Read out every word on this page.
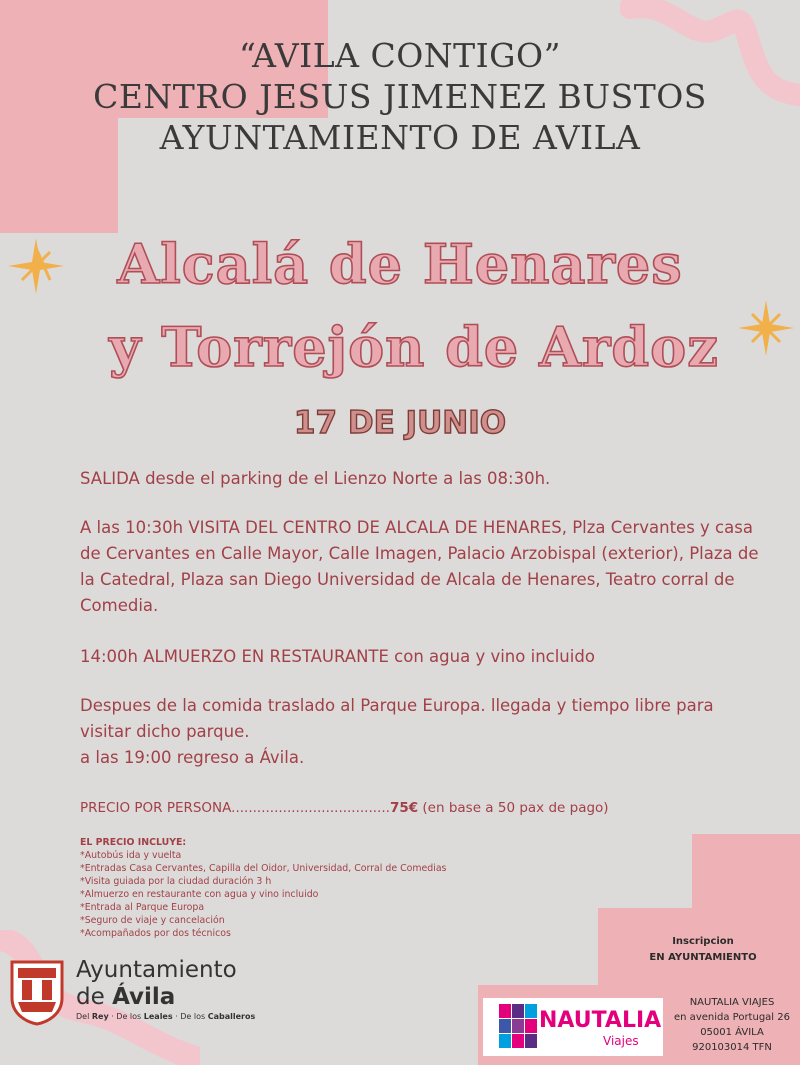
“AVILA CONTIGO”
CENTRO JESUS JIMENEZ BUSTOS
AYUNTAMIENTO DE AVILA
Alcalá de Henares
y Torrejón de Ardoz
17 DE JUNIO
SALIDA desde el parking de el Lienzo Norte a las 08:30h.
A las 10:30h VISITA DEL CENTRO DE ALCALA DE HENARES, Plza Cervantes y casa de Cervantes en Calle Mayor, Calle Imagen, Palacio Arzobispal (exterior), Plaza de la Catedral, Plaza san Diego Universidad de Alcala de Henares, Teatro corral de Comedia.
14:00h ALMUERZO EN RESTAURANTE con agua y vino incluido
Despues de la comida traslado al Parque Europa. llegada y tiempo libre para visitar dicho parque.
a las 19:00 regreso a Ávila.
PRECIO POR PERSONA.....................................75€ (en base a 50 pax de pago)
EL PRECIO INCLUYE:
*Autobús ida y vuelta
*Entradas Casa Cervantes, Capilla del Oidor, Universidad, Corral de Comedias
*Visita guiada por la ciudad duración 3 h
*Almuerzo en restaurante con agua y vino incluido
*Entrada al Parque Europa
*Seguro de viaje y cancelación
*Acompañados por dos técnicos
Inscripcion
EN AYUNTAMIENTO
Ayuntamiento
de Ávila
Del Rey · De los Leales · De los Caballeros	NAUTALIA
Viajes
NAUTALIA VIAJES
en avenida Portugal 26
05001 ÁVILA
920103014 TFN
